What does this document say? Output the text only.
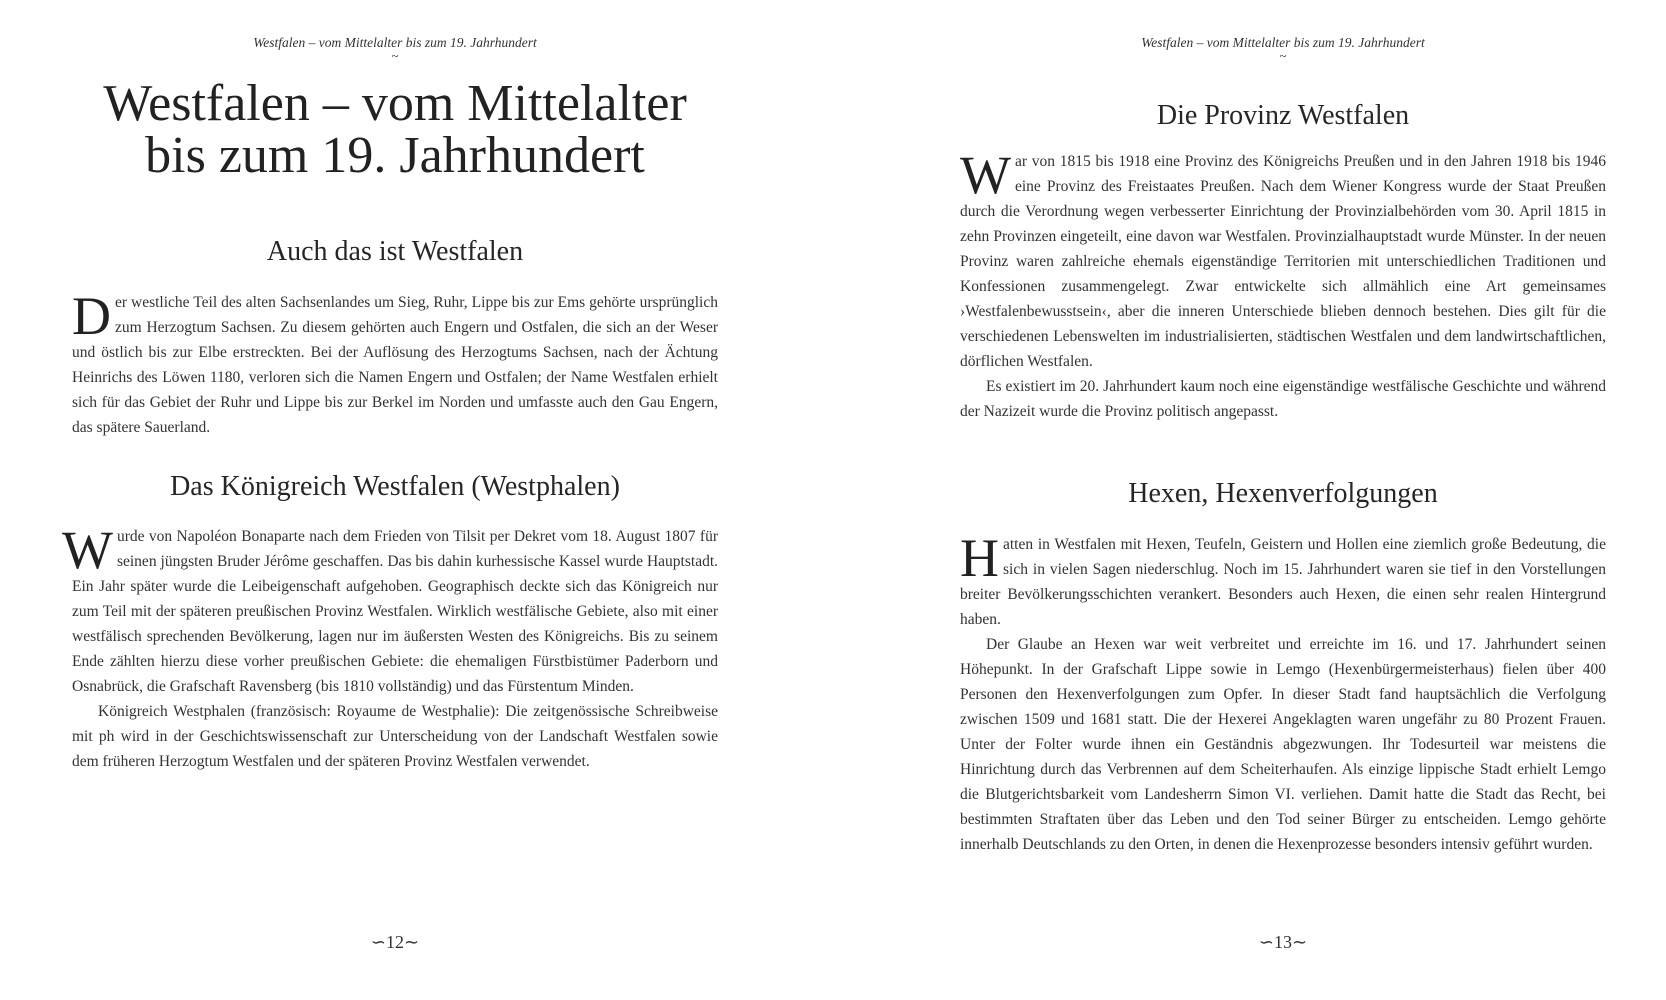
Westfalen – vom Mittelalter bis zum 19. Jahrhundert
~
Westfalen – vom Mittelalter
bis zum 19. Jahrhundert
Auch das ist Westfalen

D er westliche Teil des alten Sachsenlandes um Sieg, Ruhr, Lippe bis zur Ems gehörte ursprünglich zum Herzogtum Sachsen. Zu diesem gehörten auch Engern und Ostfalen, die sich an der Weser und östlich bis zur Elbe erstreckten. Bei der Auflösung des Herzogtums Sachsen, nach der Ächtung Heinrichs des Löwen 1180, verloren sich die Namen Engern und Ostfalen; der Name Westfalen erhielt sich für das Gebiet der Ruhr und Lippe bis zur Berkel im Norden und umfasste auch den Gau Engern, das spätere Sauerland.

Das Königreich Westfalen (Westphalen)

W urde von Napoléon Bonaparte nach dem Frieden von Tilsit per Dekret vom 18. August 1807 für seinen jüngsten Bruder Jérôme geschaffen. Das bis dahin kurhessische Kassel wurde Hauptstadt. Ein Jahr später wurde die Leibeigenschaft aufgehoben. Geographisch deckte sich das Königreich nur zum Teil mit der späteren preußischen Provinz Westfalen. Wirklich westfälische Gebiete, also mit einer westfälisch sprechenden Bevölkerung, lagen nur im äußersten Westen des Königreichs. Bis zu seinem Ende zählten hierzu diese vorher preußischen Gebiete: die ehemaligen Fürstbistümer Paderborn und Osnabrück, die Grafschaft Ravensberg (bis 1810 vollständig) und das Fürstentum Minden.

Königreich Westphalen (französisch: Royaume de Westphalie): Die zeitgenössische Schreibweise mit ph wird in der Geschichtswissenschaft zur Unterscheidung von der Landschaft Westfalen sowie dem früheren Herzogtum Westfalen und der späteren Provinz Westfalen verwendet.

∽12∼
Westfalen – vom Mittelalter bis zum 19. Jahrhundert
~
Die Provinz Westfalen

W ar von 1815 bis 1918 eine Provinz des Königreichs Preußen und in den Jahren 1918 bis 1946 eine Provinz des Freistaates Preußen. Nach dem Wiener Kongress wurde der Staat Preußen durch die Verordnung wegen verbesserter Einrichtung der Provinzialbehörden vom 30. April 1815 in zehn Provinzen eingeteilt, eine davon war Westfalen. Provinzialhauptstadt wurde Münster. In der neuen Provinz waren zahlreiche ehemals eigenständige Territorien mit unterschiedlichen Traditionen und Konfessionen zusammengelegt. Zwar entwickelte sich allmählich eine Art gemeinsames ›Westfalenbewusstsein‹, aber die inneren Unterschiede blieben dennoch bestehen. Dies gilt für die verschiedenen Lebenswelten im industrialisierten, städtischen Westfalen und dem landwirtschaftlichen, dörflichen Westfalen.

Es existiert im 20. Jahrhundert kaum noch eine eigenständige westfälische Geschichte und während der Nazizeit wurde die Provinz politisch angepasst.

Hexen, Hexenverfolgungen

H atten in Westfalen mit Hexen, Teufeln, Geistern und Hollen eine ziemlich große Bedeutung, die sich in vielen Sagen niederschlug. Noch im 15. Jahrhundert waren sie tief in den Vorstellungen breiter Bevölkerungsschichten verankert. Besonders auch Hexen, die einen sehr realen Hintergrund haben.

Der Glaube an Hexen war weit verbreitet und erreichte im 16. und 17. Jahrhundert seinen Höhepunkt. In der Grafschaft Lippe sowie in Lemgo (Hexenbürgermeisterhaus) fielen über 400 Personen den Hexenverfolgungen zum Opfer. In dieser Stadt fand hauptsächlich die Verfolgung zwischen 1509 und 1681 statt. Die der Hexerei Angeklagten waren ungefähr zu 80 Prozent Frauen. Unter der Folter wurde ihnen ein Geständnis abgezwungen. Ihr Todesurteil war meistens die Hinrichtung durch das Verbrennen auf dem Scheiterhaufen. Als einzige lippische Stadt erhielt Lemgo die Blutgerichtsbarkeit vom Landesherrn Simon VI. verliehen. Damit hatte die Stadt das Recht, bei bestimmten Straftaten über das Leben und den Tod seiner Bürger zu entscheiden. Lemgo gehörte innerhalb Deutschlands zu den Orten, in denen die Hexenprozesse besonders intensiv geführt wurden.

∽13∼
